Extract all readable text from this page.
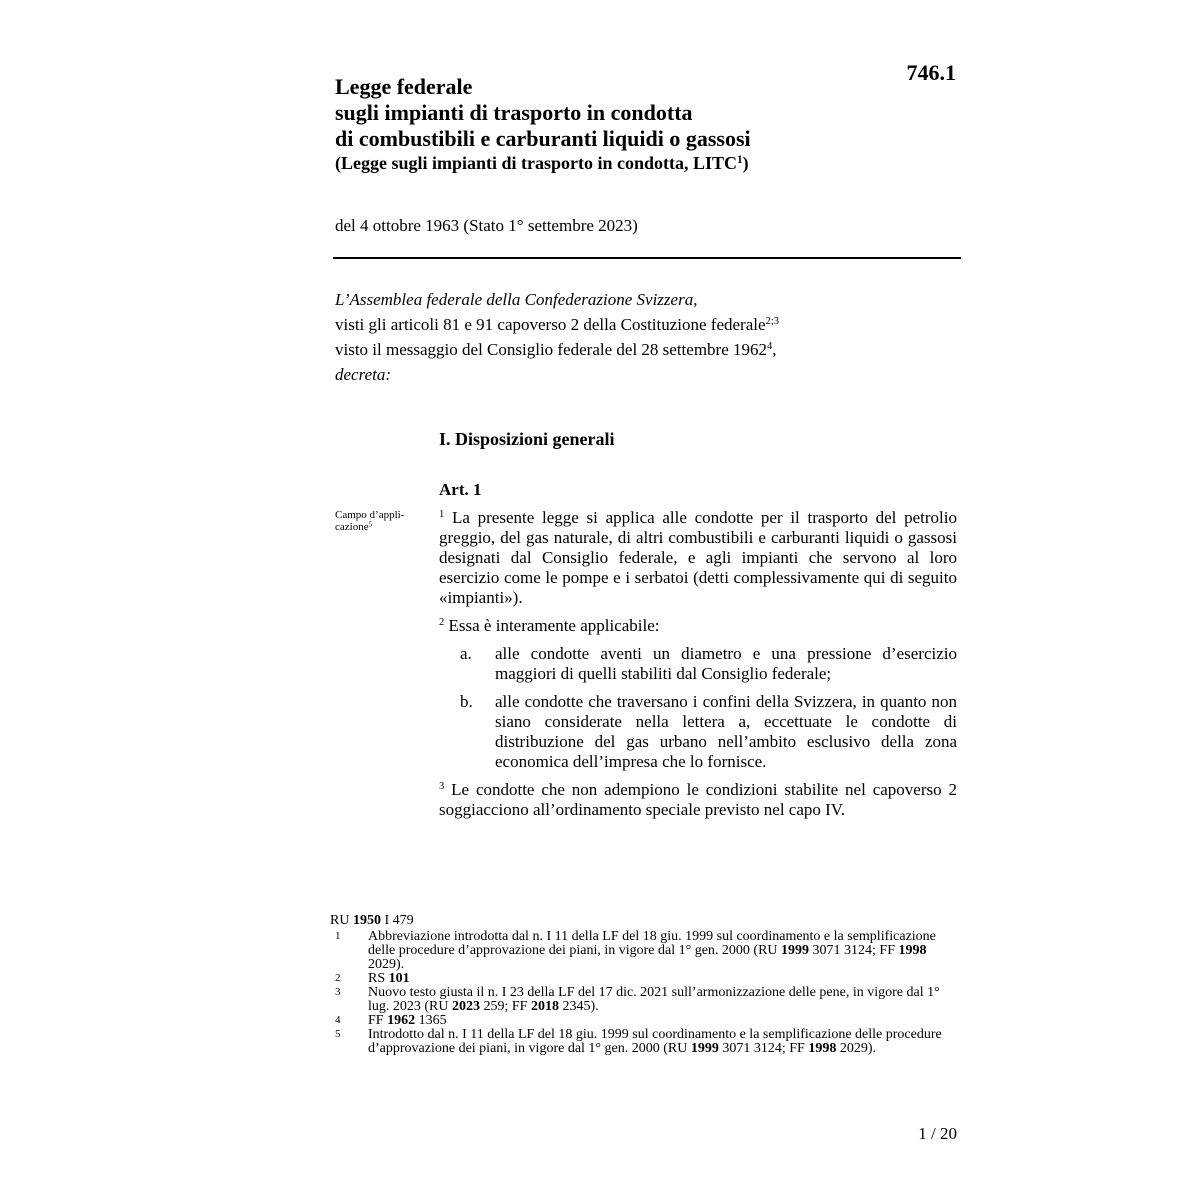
746.1
Legge federale
sugli impianti di trasporto in condotta
di combustibili e carburanti liquidi o gassosi
(Legge sugli impianti di trasporto in condotta, LITC$^1$)
del 4 ottobre 1963 (Stato 1° settembre 2023)
L’Assemblea federale della Confederazione Svizzera,
visti gli articoli 81 e 91 capoverso 2 della Costituzione federale$^{2;3}$
visto il messaggio del Consiglio federale del 28 settembre 1962$^4$,
decreta:
I. Disposizioni generali
Art. 1
Campo d’appli-
cazione$^5$

$^1$ La presente legge si applica alle condotte per il trasporto del petrolio greggio, del gas naturale, di altri combustibili e carburanti liquidi o gassosi designati dal Consiglio federale, e agli impianti che servono al loro esercizio come le pompe e i serbatoi (detti complessivamente qui di seguito «impianti»).

$^2$ Essa è interamente applicabile:

a.	alle condotte aventi un diametro e una pressione d’esercizio maggiori di quelli stabiliti dal Consiglio federale;
b.	alle condotte che traversano i confini della Svizzera, in quanto non siano considerate nella lettera a, eccettuate le condotte di distribuzione del gas urbano nell’ambito esclusivo della zona economica dell’impresa che lo fornisce.

$^3$ Le condotte che non adempiono le condizioni stabilite nel capoverso 2 soggiacciono all’ordinamento speciale previsto nel capo IV.

RU 1950 I 479
1	Abbreviazione introdotta dal n. I 11 della LF del 18 giu. 1999 sul coordinamento e la semplificazione delle procedure d’approvazione dei piani, in vigore dal 1° gen. 2000 (RU 1999 3071 3124; FF 1998 2029).
2	RS 101
3	Nuovo testo giusta il n. I 23 della LF del 17 dic. 2021 sull’armonizzazione delle pene, in vigore dal 1° lug. 2023 (RU 2023 259; FF 2018 2345).
4	FF 1962 1365
5	Introdotto dal n. I 11 della LF del 18 giu. 1999 sul coordinamento e la semplificazione delle procedure d’approvazione dei piani, in vigore dal 1° gen. 2000 (RU 1999 3071 3124; FF 1998 2029).
1 / 20
